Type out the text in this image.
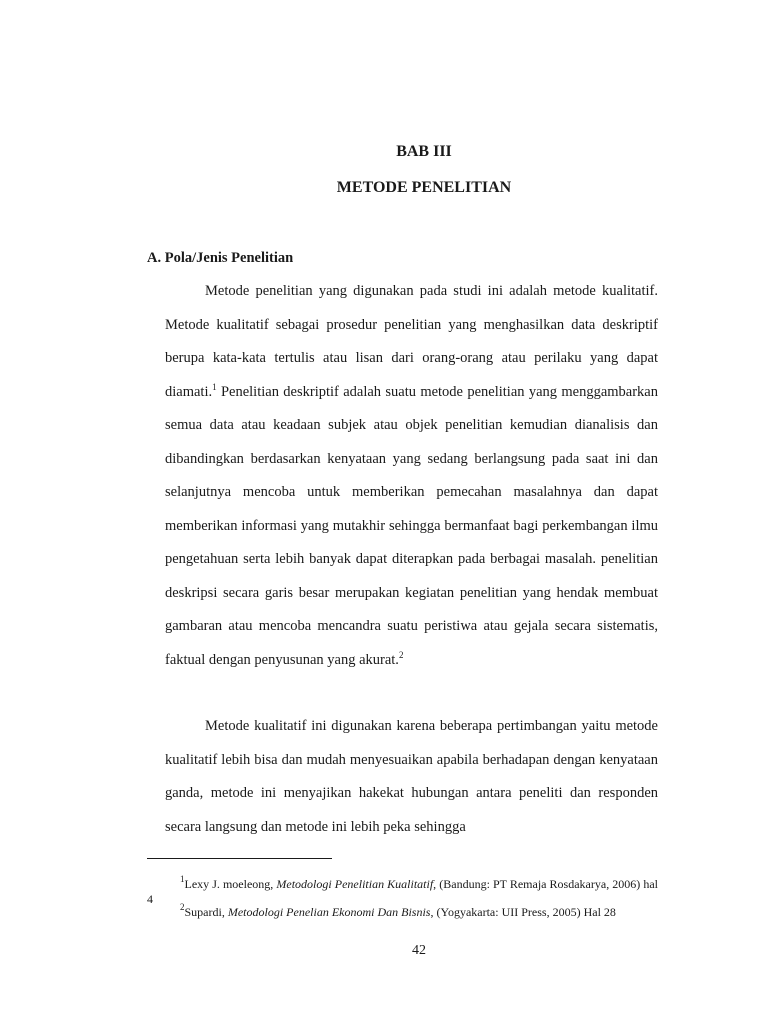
BAB III
METODE PENELITIAN
A. Pola/Jenis Penelitian

Metode penelitian yang digunakan pada studi ini adalah metode kualitatif. Metode kualitatif sebagai prosedur penelitian yang menghasilkan data deskriptif berupa kata-kata tertulis atau lisan dari orang-orang atau perilaku yang dapat diamati.$^1$ Penelitian deskriptif adalah suatu metode penelitian yang menggambarkan semua data atau keadaan subjek atau objek penelitian kemudian dianalisis dan dibandingkan berdasarkan kenyataan yang sedang berlangsung pada saat ini dan selanjutnya mencoba untuk memberikan pemecahan masalahnya dan dapat memberikan informasi yang mutakhir sehingga bermanfaat bagi perkembangan ilmu pengetahuan serta lebih banyak dapat diterapkan pada berbagai masalah. penelitian deskripsi secara garis besar merupakan kegiatan penelitian yang hendak membuat gambaran atau mencoba mencandra suatu peristiwa atau gejala secara sistematis, faktual dengan penyusunan yang akurat.$^2$

Metode kualitatif ini digunakan karena beberapa pertimbangan yaitu metode kualitatif lebih bisa dan mudah menyesuaikan apabila berhadapan dengan kenyataan ganda, metode ini menyajikan hakekat hubungan antara peneliti dan responden secara langsung dan metode ini lebih peka sehingga

$^1$Lexy J. moeleong, Metodologi Penelitian Kualitatif, (Bandung: PT Remaja Rosdakarya, 2006) hal 4

$^2$Supardi, Metodologi Penelian Ekonomi Dan Bisnis, (Yogyakarta: UII Press, 2005) Hal 28

42
